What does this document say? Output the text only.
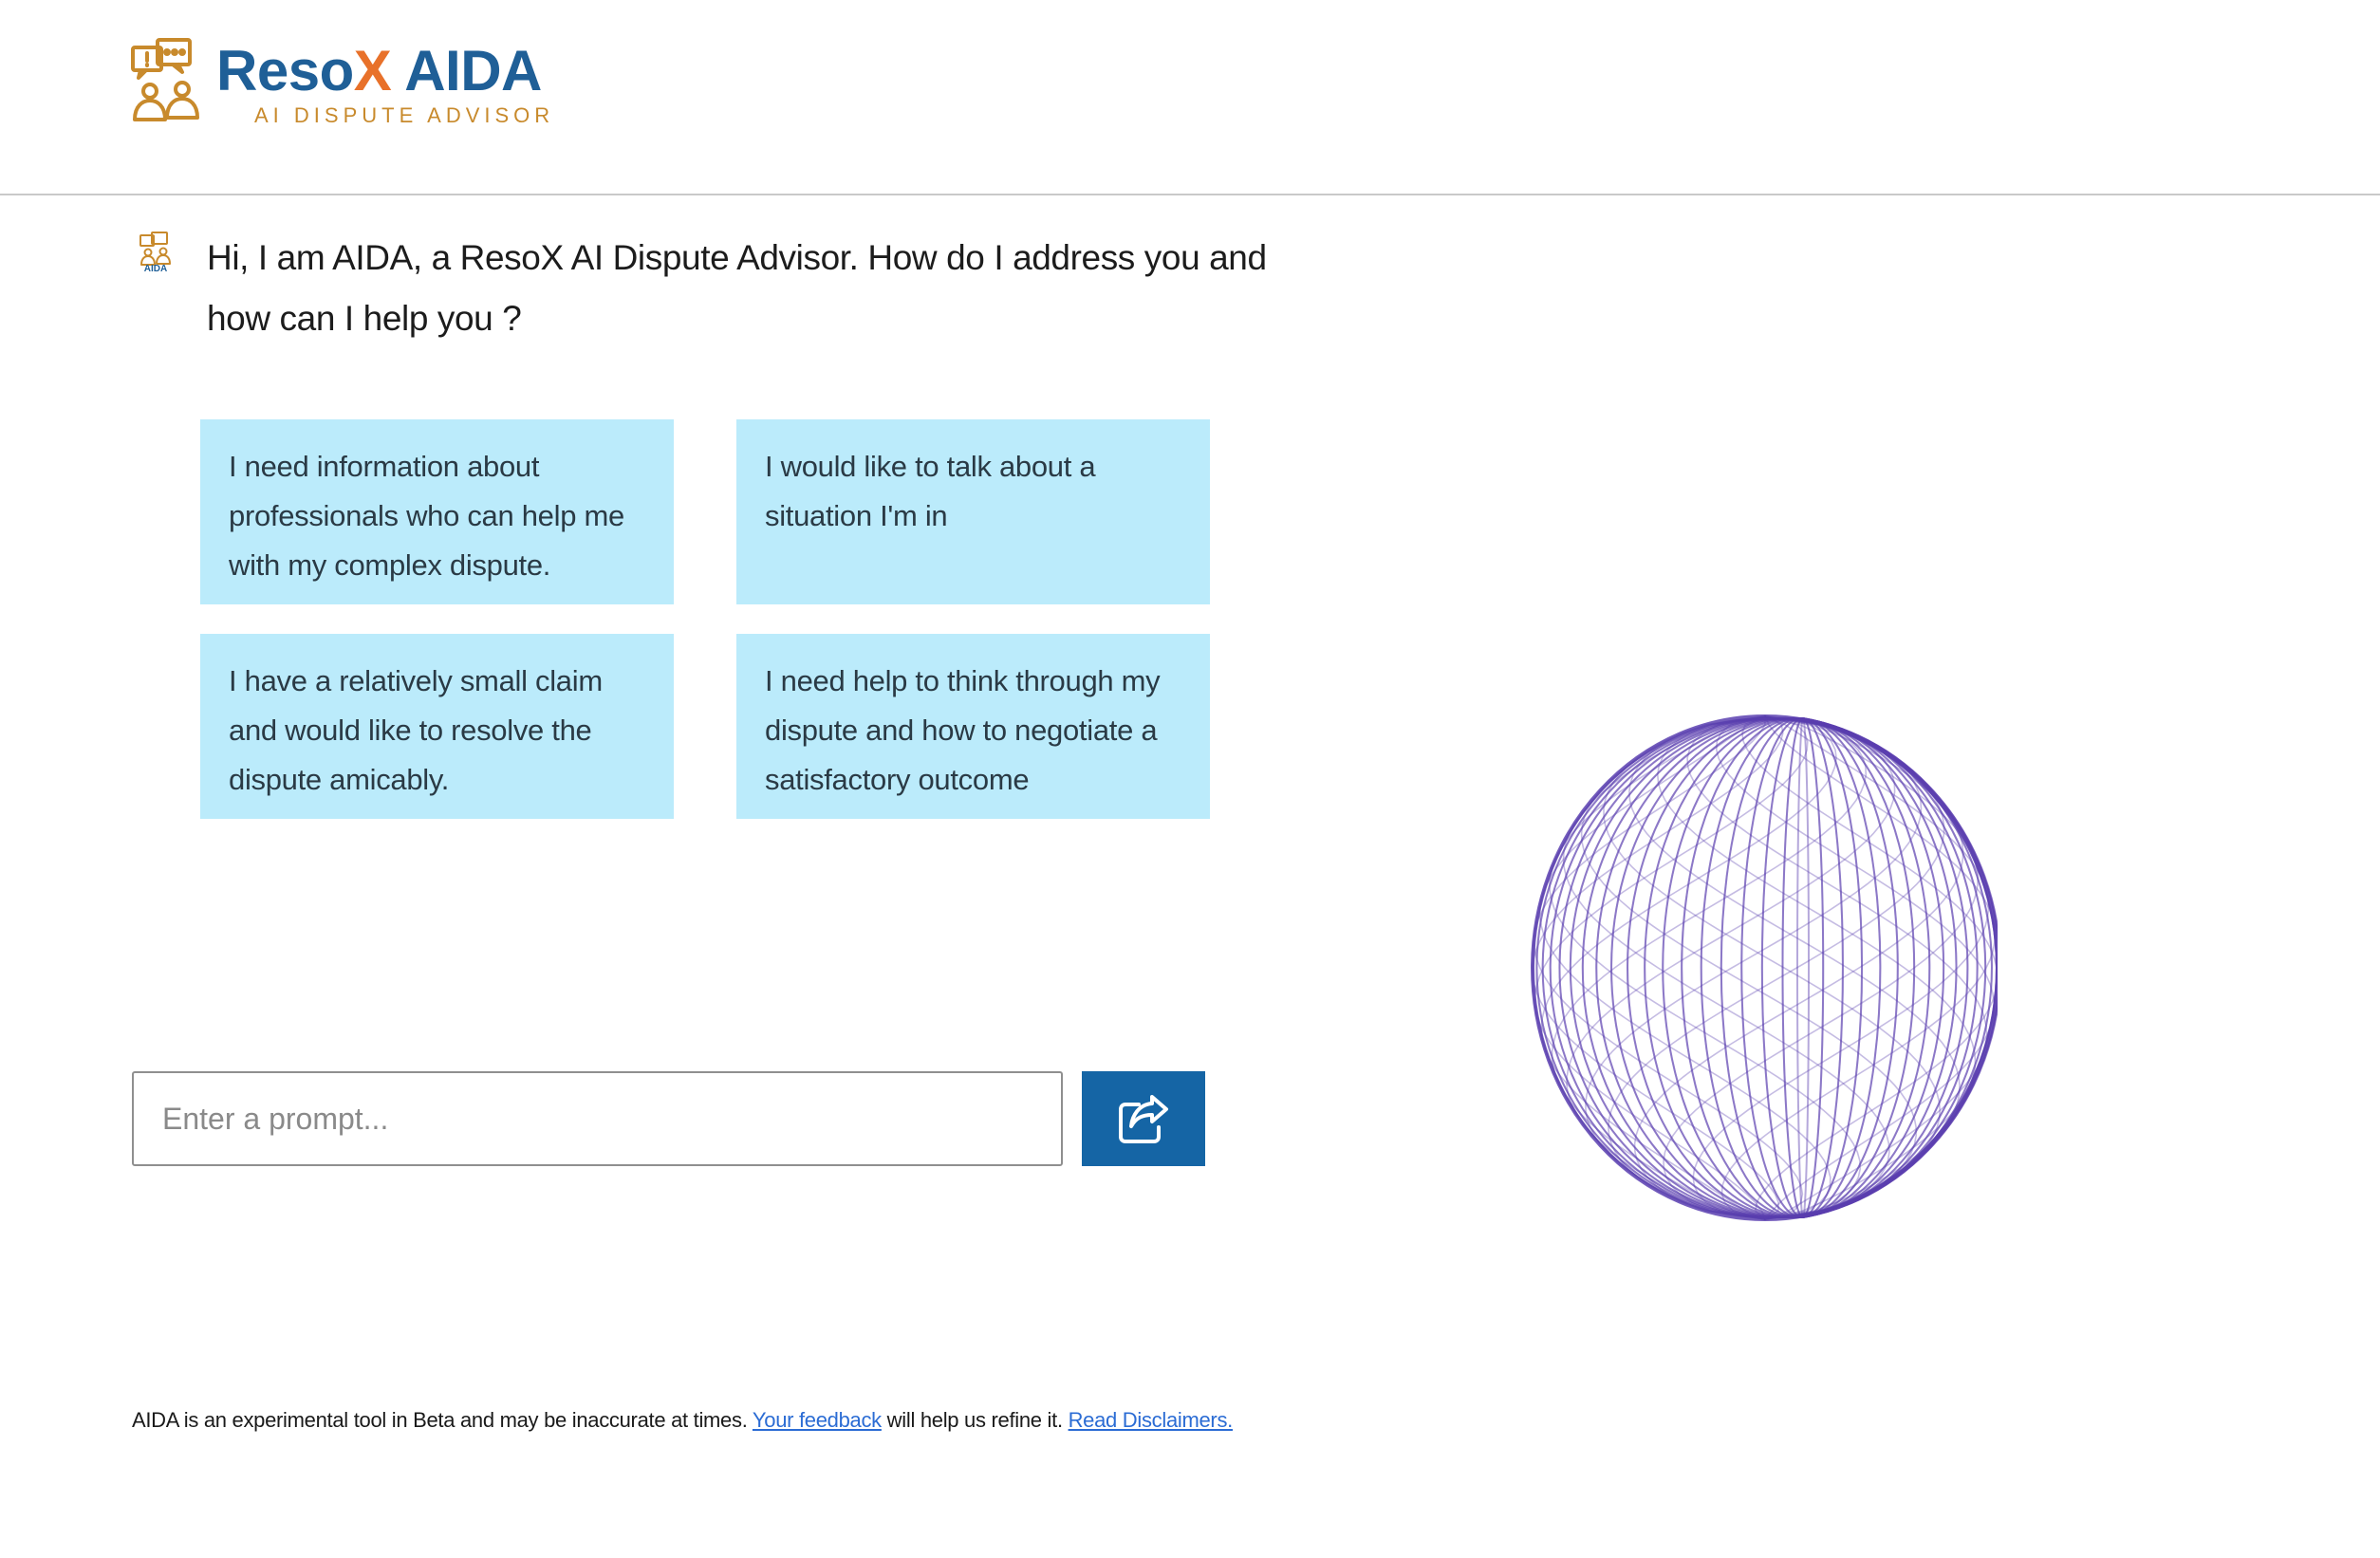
ResoX AIDA
AI DISPUTE ADVISOR
AIDA Hi, I am AIDA, a ResoX AI Dispute Advisor. How do I address you and how can I help you ?

I need information about professionals who can help me with my complex dispute.
I would like to talk about a situation I'm in
I have a relatively small claim and would like to resolve the dispute amicably.
I need help to think through my dispute and how to negotiate a satisfactory outcome
Enter a prompt...
AIDA is an experimental tool in Beta and may be inaccurate at times. Your feedback will help us refine it. Read Disclaimers.
